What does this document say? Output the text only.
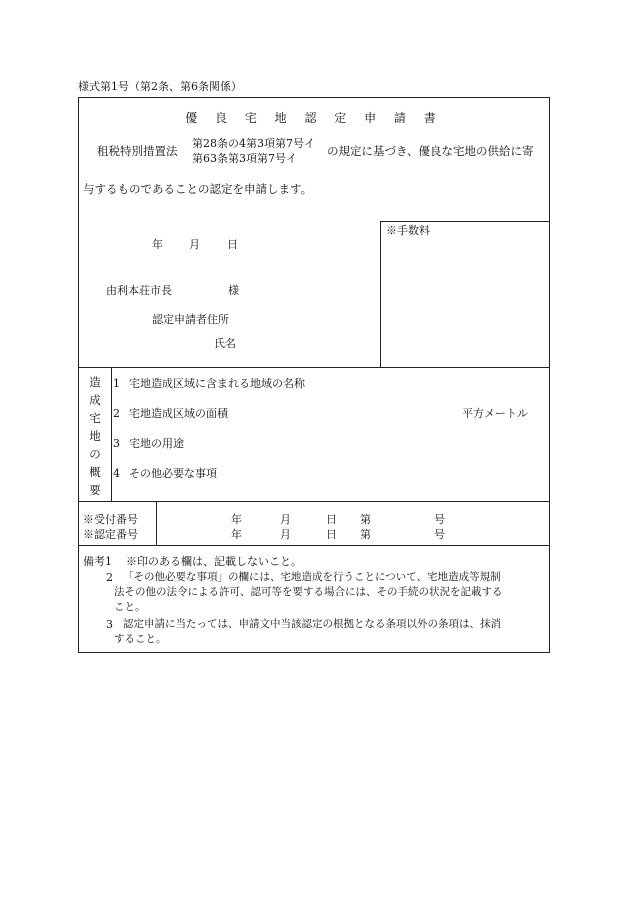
様式第1号（第2条、第6条関係）
優 良 宅 地 認 定 申 請 書
租税特別措置法
第28条の4第3項第7号イ
第63条第3項第7号イ
の規定に基づき、優良な宅地の供給に寄
与するものであることの認定を申請します。
※手数料
年 月 日
由利本荘市長	様
認定申請者住所
氏名
造
成
宅
地
の
概
要
1 宅地造成区域に含まれる地域の名称
2 宅地造成区域の面積	平方メートル
3 宅地の用途
4 その他必要な事項
※受付番号	年	月	日 第	号
※認定番号	年	月	日 第	号
備考1 ※印のある欄は、記載しないこと。
2 「その他必要な事項」の欄には、宅地造成を行うことについて、宅地造成等規制
法その他の法令による許可、認可等を要する場合には、その手続の状況を記載する
こと。
3 認定申請に当たっては、申請文中当該認定の根拠となる条項以外の条項は、抹消
すること。
